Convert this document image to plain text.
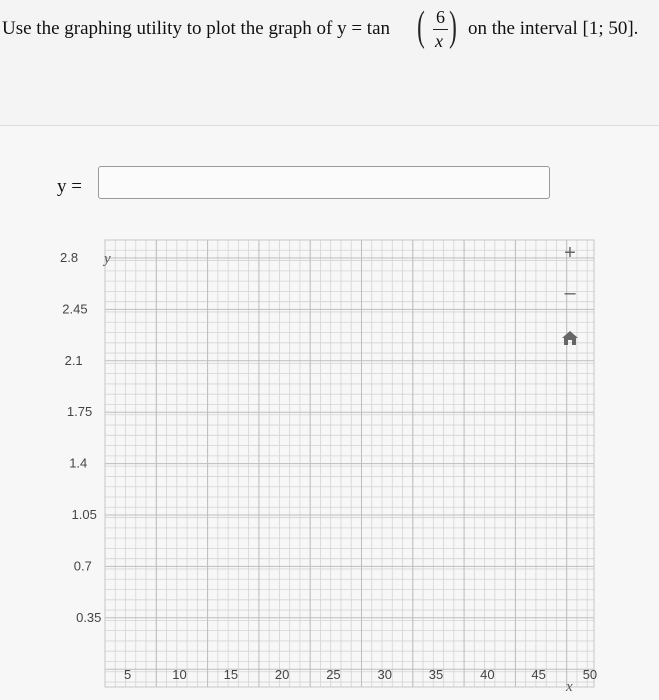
Use the graphing utility to plot the graph of y = tan ( 6
x ) on the interval [1; 50].
y =
2.8
2.45
2.1
1.75
1.4
1.05
0.7
0.35
5	10	15	20	25	30	35	40	45	50
y
x
+
–
